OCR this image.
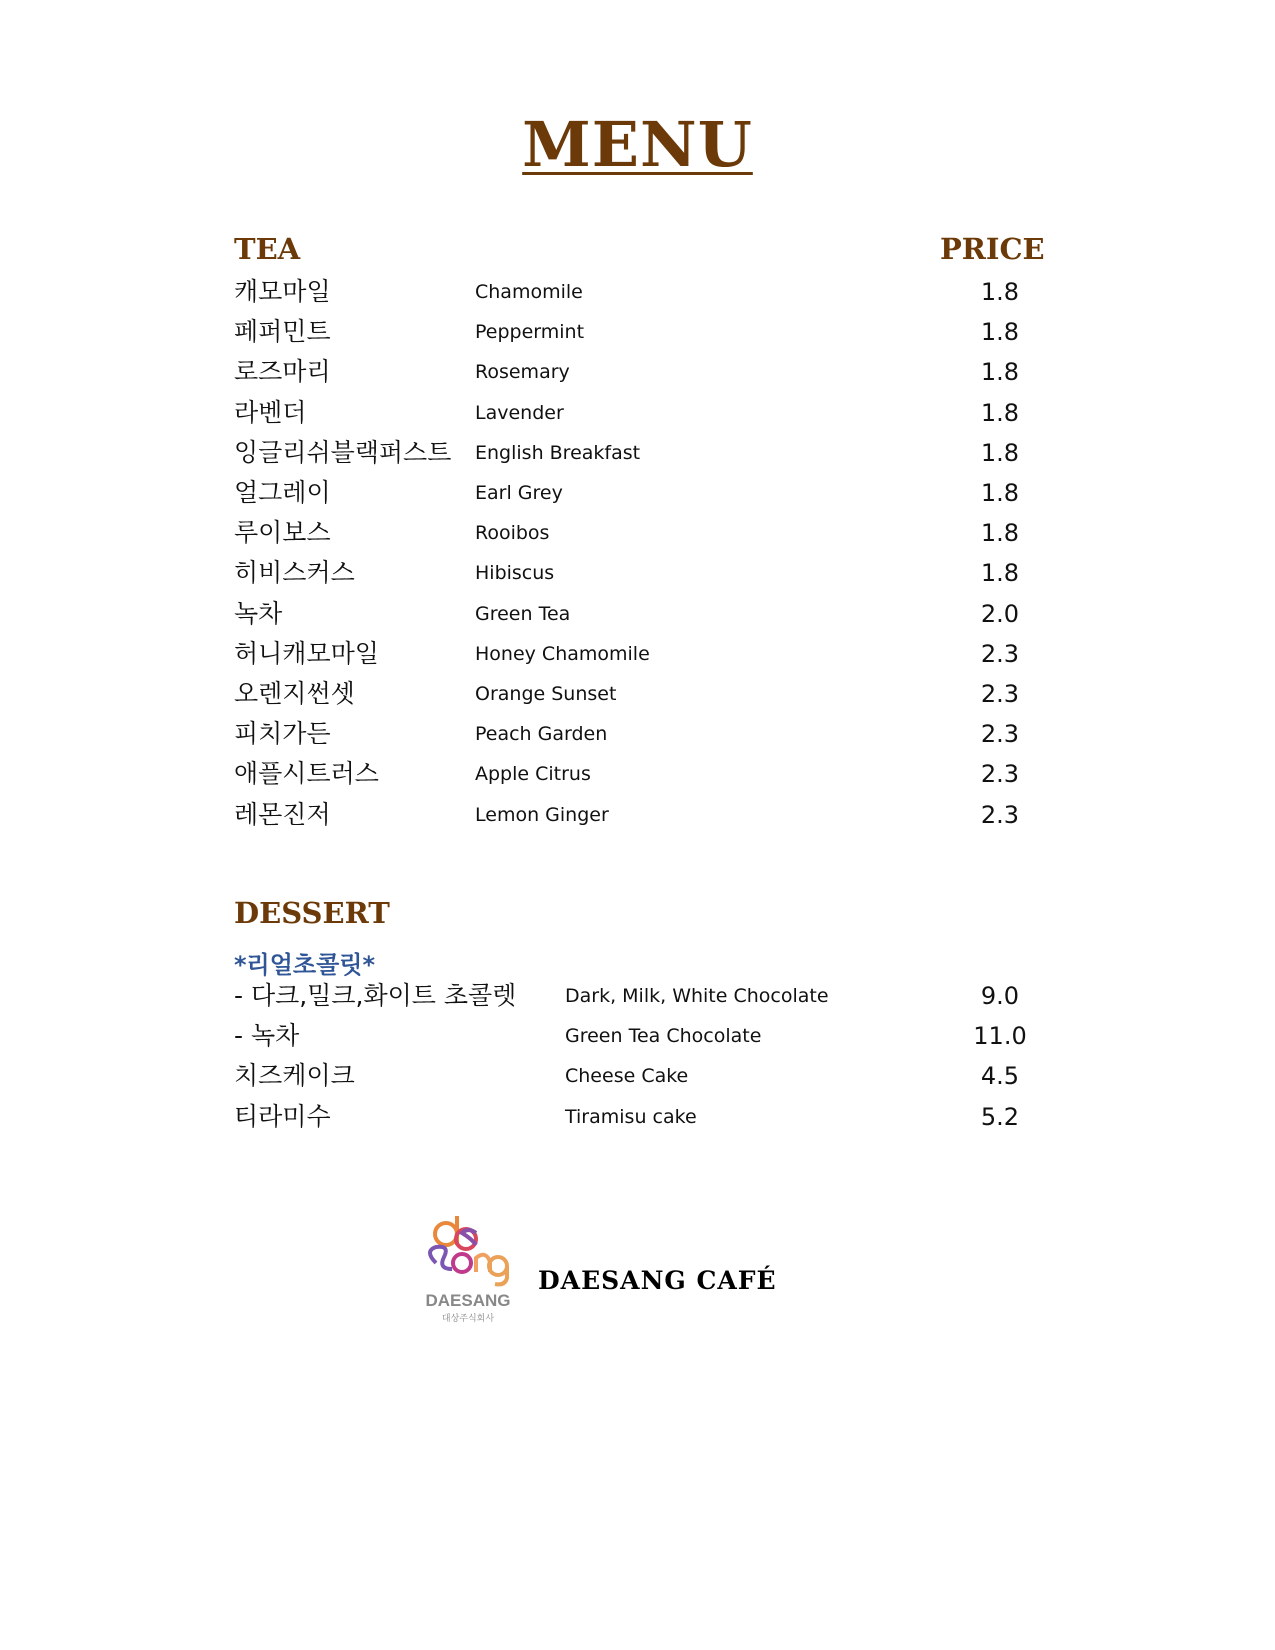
MENU
TEA	PRICE
캐모마일	Chamomile	1.8
페퍼민트	Peppermint	1.8
로즈마리	Rosemary	1.8
라벤더	Lavender	1.8
잉글리쉬블랙퍼스트 English Breakfast	1.8
얼그레이	Earl Grey	1.8
루이보스	Rooibos	1.8
히비스커스	Hibiscus	1.8
녹차	Green Tea	2.0
허니캐모마일	Honey Chamomile	2.3
오렌지썬셋	Orange Sunset	2.3
피치가든	Peach Garden	2.3
애플시트러스	Apple Citrus	2.3
레몬진저	Lemon Ginger	2.3
DESSERT
*리얼초콜릿*
- 다크,밀크,화이트 초콜렛	Dark, Milk, White Chocolate	9.0
- 녹차	Green Tea Chocolate	11.0
치즈케이크	Cheese Cake	4.5
티라미수	Tiramisu cake	5.2
DAESANG
대상주식회사
DAESANG CAFÉ
